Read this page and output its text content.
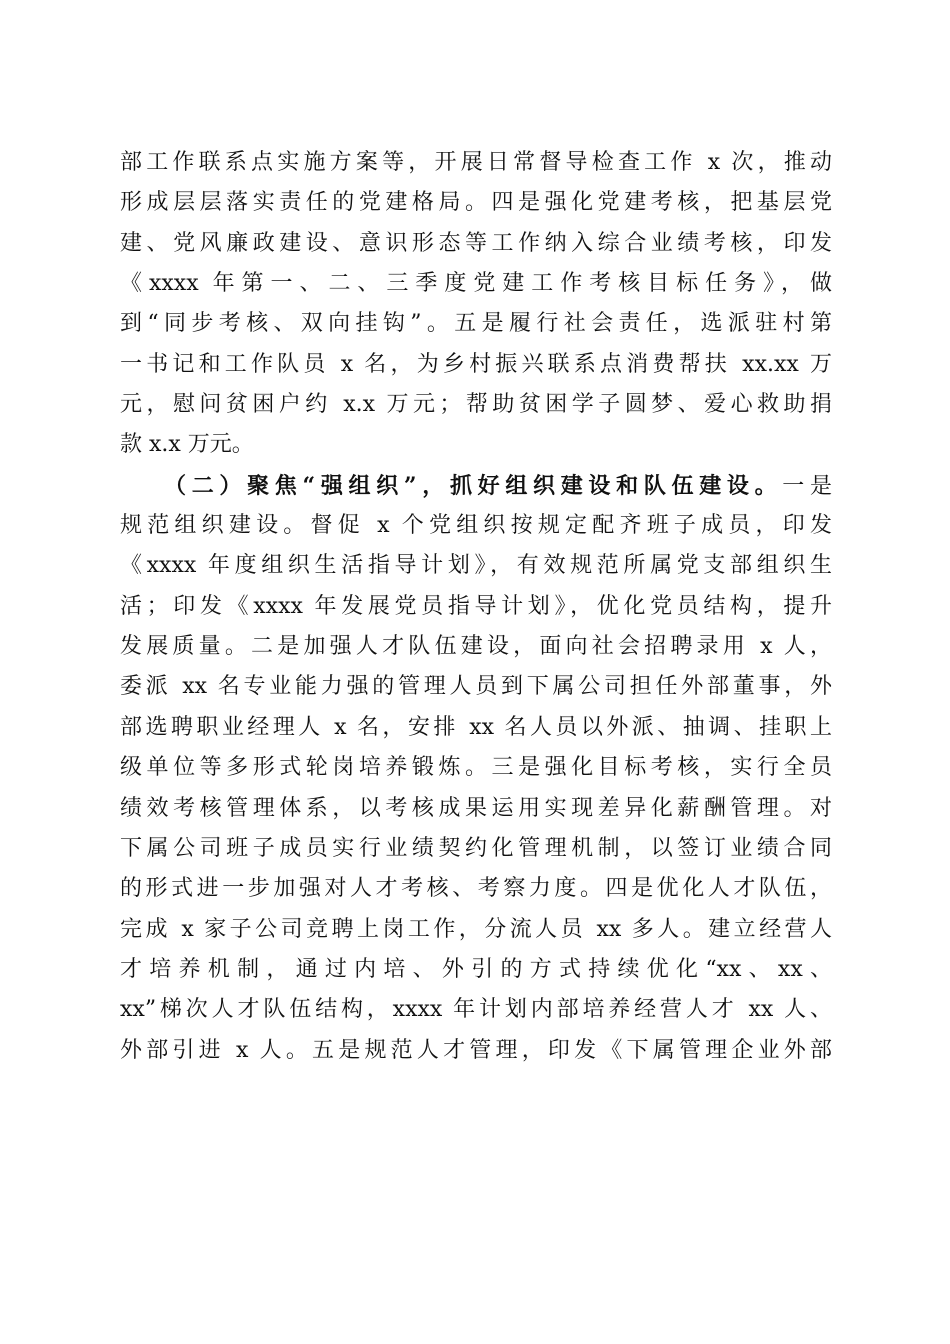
部工作联系点实施方案等，开展日常督导检查工作 x 次，推动
形成层层落实责任的党建格局。四是强化党建考核，把基层党
建、党风廉政建设、意识形态等工作纳入综合业绩考核，印发
《xxxx 年第一、二、三季度党建工作考核目标任务》，做
到“同步考核、双向挂钩”。五是履行社会责任，选派驻村第
一书记和工作队员 x 名，为乡村振兴联系点消费帮扶 xx.xx 万
元，慰问贫困户约 x.x 万元；帮助贫困学子圆梦、爱心救助捐
款 x.x 万元。
（二）聚焦“强组织”，抓好组织建设和队伍建设。一是
规范组织建设。督促 x 个党组织按规定配齐班子成员，印发
《xxxx 年度组织生活指导计划》，有效规范所属党支部组织生
活；印发《xxxx 年发展党员指导计划》，优化党员结构，提升
发展质量。二是加强人才队伍建设，面向社会招聘录用 x 人，
委派 xx 名专业能力强的管理人员到下属公司担任外部董事，外
部选聘职业经理人 x 名，安排 xx 名人员以外派、抽调、挂职上
级单位等多形式轮岗培养锻炼。三是强化目标考核，实行全员
绩效考核管理体系，以考核成果运用实现差异化薪酬管理。对
下属公司班子成员实行业绩契约化管理机制，以签订业绩合同
的形式进一步加强对人才考核、考察力度。四是优化人才队伍，
完成 x 家子公司竞聘上岗工作，分流人员 xx 多人。建立经营人
才培养机制，通过内培、外引的方式持续优化“xx、xx、
xx”梯次人才队伍结构，xxxx 年计划内部培养经营人才 xx 人、
外部引进 x 人。五是规范人才管理，印发《下属管理企业外部
